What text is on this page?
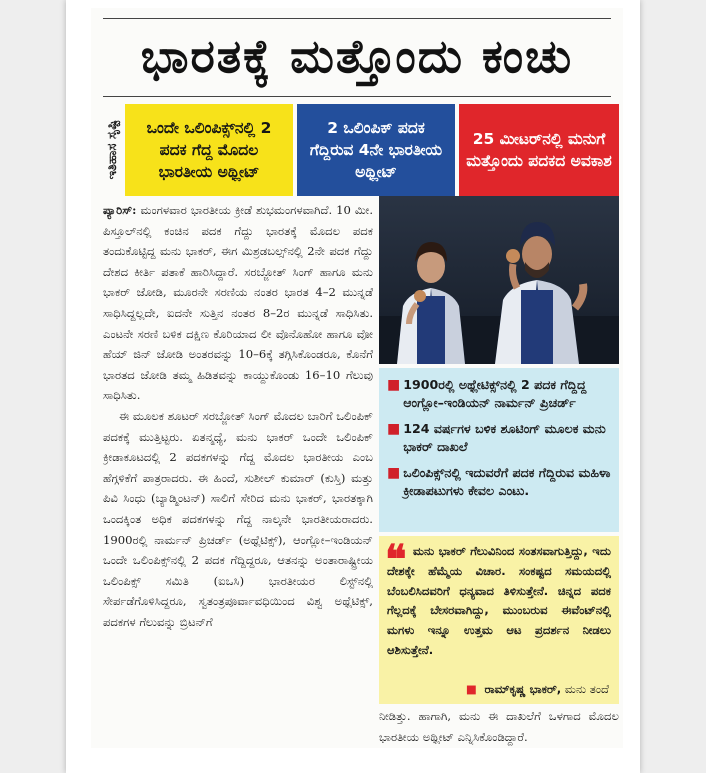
ಭಾರತಕ್ಕೆ ಮತ್ತೊಂದು ಕಂಚು
ಇತಿಹಾಸ ಸೃಷ್ಟಿ	ಒಂದೇ ಒಲಿಂಪಿಕ್ಸ್‌ನಲ್ಲಿ 2 ಪದಕ ಗೆದ್ದ ಮೊದಲ ಭಾರತೀಯ ಅಥ್ಲೀಟ್
2 ಒಲಿಂಪಿಕ್ ಪದಕ ಗೆದ್ದಿರುವ 4ನೇ ಭಾರತೀಯ ಅಥ್ಲೀಟ್
25 ಮೀಟರ್‌ನಲ್ಲಿ ಮನುಗೆ ಮತ್ತೊಂದು ಪದಕದ ಅವಕಾಶ

ಪ್ಯಾರಿಸ್: ಮಂಗಳವಾರ ಭಾರತೀಯ ಕ್ರೀಡೆ ಶುಭಮಂಗಳವಾಗಿದೆ. 10 ಮೀ. ಪಿಸ್ತೂಲ್‌ನಲ್ಲಿ ಕಂಚಿನ ಪದಕ ಗೆದ್ದು ಭಾರತಕ್ಕೆ ಮೊದಲ ಪದಕ ತಂದುಕೊಟ್ಟಿದ್ದ ಮನು ಭಾಕರ್, ಈಗ ಮಿಶ್ರಡಬಲ್ಸ್‌ನಲ್ಲಿ 2ನೇ ಪದಕ ಗೆದ್ದು ದೇಶದ ಕೀರ್ತಿ ಪತಾಕೆ ಹಾರಿಸಿದ್ದಾರೆ. ಸರಬ್ಜೋತ್ ಸಿಂಗ್ ಹಾಗೂ ಮನು ಭಾಕರ್ ಜೋಡಿ, ಮೂರನೇ ಸರಣಿಯ ನಂತರ ಭಾರತ 4–2 ಮುನ್ನಡೆ ಸಾಧಿಸಿದ್ದಲ್ಲದೇ, ಐದನೇ ಸುತ್ತಿನ ನಂತರ 8–2ರ ಮುನ್ನಡೆ ಸಾಧಿಸಿತು. ಎಂಟನೇ ಸರಣಿ ಬಳಿಕ ದಕ್ಷಿಣ ಕೊರಿಯಾದ ಲೀ ವೊನೊಹೋ ಹಾಗೂ ವೋ ಹೆಯ್ ಜಿನ್ ಜೋಡಿ ಅಂತರವನ್ನು 10–6ಕ್ಕೆ ತಗ್ಗಿಸಿಕೊಂಡರೂ, ಕೊನೆಗೆ ಭಾರತದ ಜೋಡಿ ತಮ್ಮ ಹಿಡಿತವನ್ನು ಕಾಯ್ದುಕೊಂಡು 16–10 ಗೆಲುವು ಸಾಧಿಸಿತು.

ಈ ಮೂಲಕ ಶೂಟರ್ ಸರಬ್ಜೋತ್ ಸಿಂಗ್ ಮೊದಲ ಬಾರಿಗೆ ಒಲಿಂಪಿಕ್ ಪದಕಕ್ಕೆ ಮುತ್ತಿಟ್ಟರು. ಏತನ್ಮಧ್ಯೆ, ಮನು ಭಾಕರ್ ಒಂದೇ ಒಲಿಂಪಿಕ್ ಕ್ರೀಡಾಕೂಟದಲ್ಲಿ 2 ಪದಕಗಳನ್ನು ಗೆದ್ದ ಮೊದಲ ಭಾರತೀಯ ಎಂಬ ಹೆಗ್ಗಳಿಕೆಗೆ ಪಾತ್ರರಾದರು. ಈ ಹಿಂದೆ, ಸುಶೀಲ್ ಕುಮಾರ್ (ಕುಸ್ತಿ) ಮತ್ತು ಪಿವಿ ಸಿಂಧು (ಬ್ಯಾಡ್ಮಿಂಟನ್) ಸಾಲಿಗೆ ಸೇರಿದ ಮನು ಭಾಕರ್, ಭಾರತಕ್ಕಾಗಿ ಒಂದಕ್ಕಿಂತ ಅಧಿಕ ಪದಕಗಳನ್ನು ಗೆದ್ದ ನಾಲ್ಕನೇ ಭಾರತೀಯರಾದರು. 1900ರಲ್ಲಿ ನಾರ್ಮನ್ ಪ್ರಿಚರ್ಡ್ (ಅಥ್ಲೆಟಿಕ್ಸ್), ಆಂಗ್ಲೋ–ಇಂಡಿಯನ್ ಒಂದೇ ಒಲಿಂಪಿಕ್ಸ್‌ನಲ್ಲಿ 2 ಪದಕ ಗೆದ್ದಿದ್ದರೂ, ಆತನನ್ನು ಅಂತಾರಾಷ್ಟ್ರೀಯ ಒಲಿಂಪಿಕ್ಸ್ ಸಮಿತಿ (ಐಒಸಿ) ಭಾರತೀಯರ ಲಿಸ್ಟ್‌ನಲ್ಲಿ ಸೇರ್ಪಡೆಗೊಳಿಸಿದ್ದರೂ, ಸ್ವತಂತ್ರಪೂರ್ವಾವಧಿಯಿಂದ ವಿಶ್ವ ಅಥ್ಲೆಟಿಕ್ಸ್, ಪದಕಗಳ ಗೆಲುವನ್ನು ಬ್ರಿಟನ್‌ಗೆ

■ 1900ರಲ್ಲಿ ಅಥ್ಲೇಟಿಕ್ಸ್‌ನಲ್ಲಿ 2 ಪದಕ ಗೆದ್ದಿದ್ದ ಆಂಗ್ಲೋ–ಇಂಡಿಯನ್ ನಾರ್ಮನ್ ಪ್ರಿಚರ್ಡ್
■ 124 ವರ್ಷಗಳ ಬಳಿಕ ಶೂಟಿಂಗ್ ಮೂಲಕ ಮನು ಭಾಕರ್ ದಾಖಲೆ
■ ಒಲಿಂಪಿಕ್ಸ್‌ನಲ್ಲಿ ಇದುವರೆಗೆ ಪದಕ ಗೆದ್ದಿರುವ ಮಹಿಳಾ ಕ್ರೀಡಾಪಟುಗಳು ಕೇವಲ ಎಂಟು.
❝ ಮನು ಭಾಕರ್ ಗೆಲುವಿನಿಂದ ಸಂತಸವಾಗುತ್ತಿದ್ದು, ಇದು ದೇಶಕ್ಕೇ ಹೆಮ್ಮೆಯ ವಿಚಾರ. ಸಂಕಷ್ಟದ ಸಮಯದಲ್ಲಿ ಬೆಂಬಲಿಸಿದವರಿಗೆ ಧನ್ಯವಾದ ತಿಳಿಸುತ್ತೇನೆ. ಚಿನ್ನದ ಪದಕ ಗೆಲ್ಲದಕ್ಕೆ ಬೇಸರವಾಗಿದ್ದು, ಮುಂಬರುವ ಈವೆಂಟ್‌ನಲ್ಲಿ ಮಗಳು ಇನ್ನೂ ಉತ್ತಮ ಆಟ ಪ್ರದರ್ಶನ ನೀಡಲು ಆಶಿಸುತ್ತೇನೆ.

■ ರಾಮ್‌ಕೃಷ್ಣ ಭಾಕರ್, ಮನು ತಂದೆ

ನೀಡಿತ್ತು. ಹಾಗಾಗಿ, ಮನು ಈ ದಾಖಲೆಗೆ ಒಳಗಾದ ಮೊದಲ ಭಾರತೀಯ ಅಥ್ಲೀಟ್ ಎನ್ನಿಸಿಕೊಂಡಿದ್ದಾರೆ.
